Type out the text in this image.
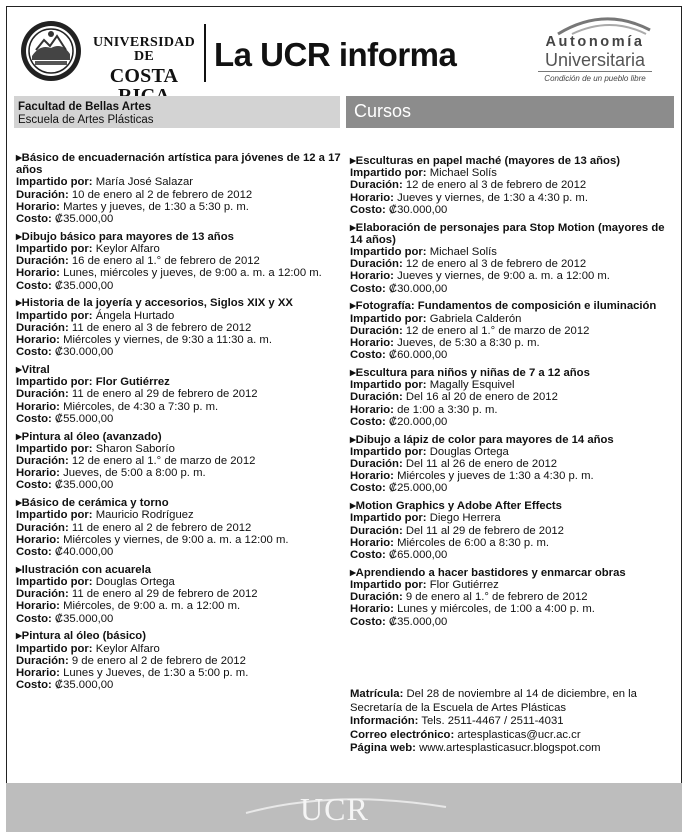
UNIVERSIDAD DE
COSTA
La UCR informa	Autonomía
Universitaria
Condición de un pueblo libre
Facultad de Bellas Artes
Escuela de Artes Plásticas	Cursos
▸Básico de encuadernación artística para jóvenes de 12 a 17 años
Impartido por: María José Salazar
Duración: 10 de enero al 2 de febrero de 2012
Horario: Martes y jueves, de 1:30 a 5:30 p. m.
Costo: ₡35.000,00
▸Dibujo básico para mayores de 13 años
Impartido por: Keylor Alfaro
Duración: 16 de enero al 1.° de febrero de 2012
Horario: Lunes, miércoles y jueves, de 9:00 a. m. a 12:00 m.
Costo: ₡35.000,00
▸Historia de la joyería y accesorios, Siglos XIX y XX
Impartido por: Ángela Hurtado
Duración: 11 de enero al 3 de febrero de 2012
Horario: Miércoles y viernes, de 9:30 a 11:30 a. m.
Costo: ₡30.000,00
▸Vitral
Impartido por: Flor Gutiérrez
Duración: 11 de enero al 29 de febrero de 2012
Horario: Miércoles, de 4:30 a 7:30 p. m.
Costo: ₡55.000,00
▸Pintura al óleo (avanzado)
Impartido por: Sharon Saborío
Duración: 12 de enero al 1.° de marzo de 2012
Horario: Jueves, de 5:00 a 8:00 p. m.
Costo: ₡35.000,00
▸Básico de cerámica y torno
Impartido por: Mauricio Rodríguez
Duración: 11 de enero al 2 de febrero de 2012
Horario: Miércoles y viernes, de 9:00 a. m. a 12:00 m.
Costo: ₡40.000,00
▸Ilustración con acuarela
Impartido por: Douglas Ortega
Duración: 11 de enero al 29 de febrero de 2012
Horario: Miércoles, de 9:00 a. m. a 12:00 m.
Costo: ₡35.000,00
▸Pintura al óleo (básico)
Impartido por: Keylor Alfaro
Duración: 9 de enero al 2 de febrero de 2012
Horario: Lunes y Jueves, de 1:30 a 5:00 p. m.
Costo: ₡35.000,00
▸Esculturas en papel maché (mayores de 13 años)
Impartido por: Michael Solís
Duración: 12 de enero al 3 de febrero de 2012
Horario: Jueves y viernes, de 1:30 a 4:30 p. m.
Costo: ₡30.000,00
▸Elaboración de personajes para Stop Motion (mayores de 14 años)
Impartido por: Michael Solís
Duración: 12 de enero al 3 de febrero de 2012
Horario: Jueves y viernes, de 9:00 a. m. a 12:00 m.
Costo: ₡30.000,00
▸Fotografía: Fundamentos de composición e iluminación
Impartido por: Gabriela Calderón
Duración: 12 de enero al 1.° de marzo de 2012
Horario: Jueves, de 5:30 a 8:30 p. m.
Costo: ₡60.000,00
▸Escultura para niños y niñas de 7 a 12 años
Impartido por: Magally Esquivel
Duración: Del 16 al 20 de enero de 2012
Horario: de 1:00 a 3:30 p. m.
Costo: ₡20.000,00
▸Dibujo a lápiz de color para mayores de 14 años
Impartido por: Douglas Ortega
Duración: Del 11 al 26 de enero de 2012
Horario: Miércoles y jueves de 1:30 a 4:30 p. m.
Costo: ₡25.000,00
▸Motion Graphics y Adobe After Effects
Impartido por: Diego Herrera
Duración: Del 11 al 29 de febrero de 2012
Horario: Miércoles de 6:00 a 8:30 p. m.
Costo: ₡65.000,00
▸Aprendiendo a hacer bastidores y enmarcar obras
Impartido por: Flor Gutiérrez
Duración: 9 de enero al 1.° de febrero de 2012
Horario: Lunes y miércoles, de 1:00 a 4:00 p. m.
Costo: ₡35.000,00
Matrícula: Del 28 de noviembre al 14 de diciembre, en la Secretaría de la Escuela de Artes Plásticas
Información: Tels. 2511-4467 / 2511-4031
Correo electrónico: artesplasticas@ucr.ac.cr
Página web: www.artesplasticasucr.blogspot.com
UCR
